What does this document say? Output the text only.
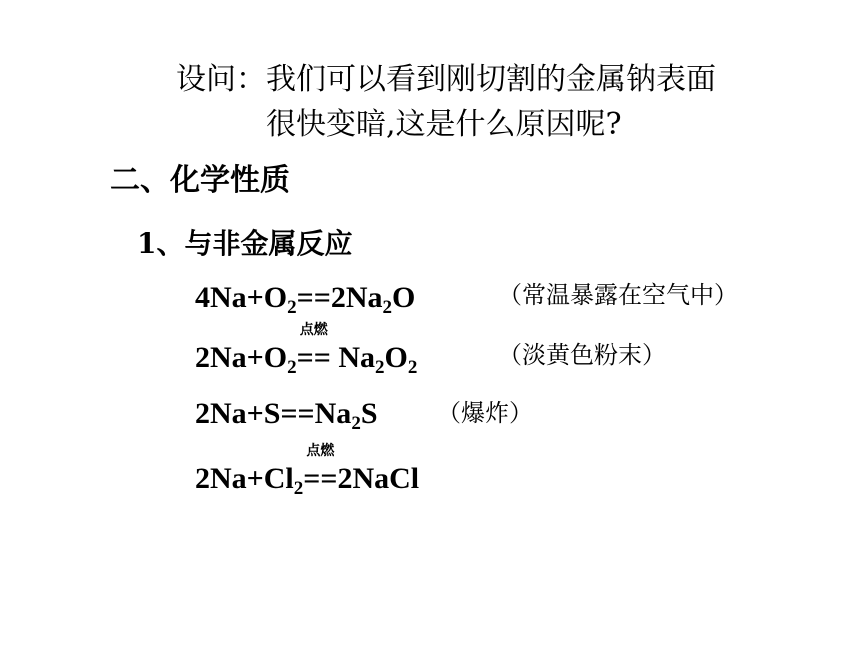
设问：我们可以看到刚切割的金属钠表面
很快变暗,这是什么原因呢?
二、化学性质
1、与非金属反应
$4Na+O_2==2Na_2O$	（常温暴露在空气中）
$2Na+O_2$
点燃
== $Na_2O_2$	（淡黄色粉末）
$2Na+S==Na_2S$ （爆炸）
$2Na+Cl_2$
点燃
==2NaCl
